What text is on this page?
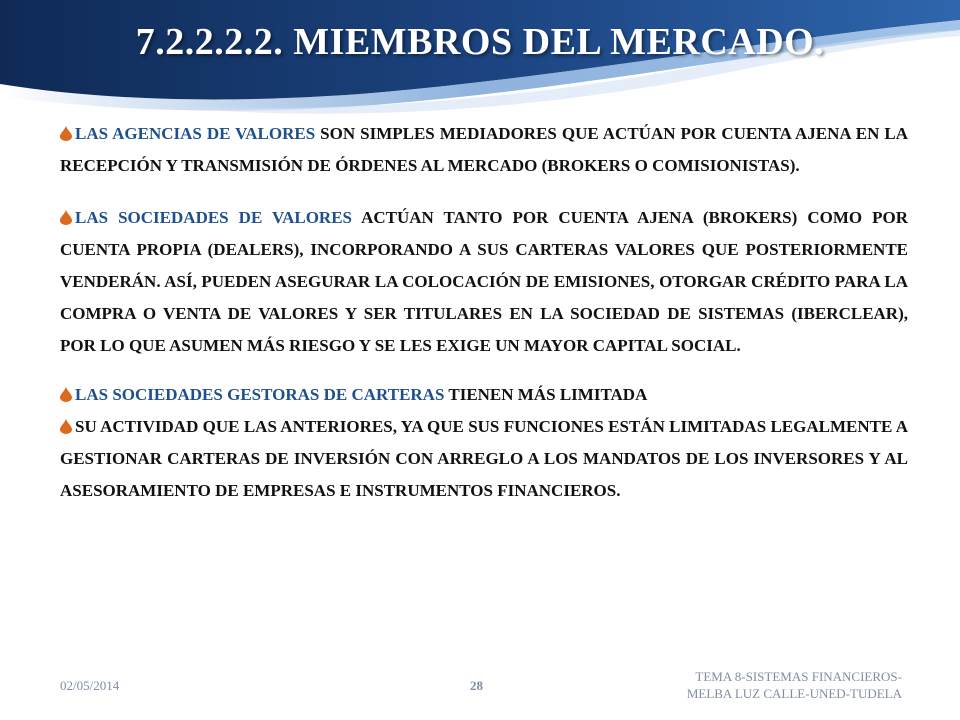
7.2.2.2.2. MIEMBROS DEL MERCADO.

LAS AGENCIAS DE VALORES SON SIMPLES MEDIADORES QUE ACTÚAN POR CUENTA AJENA EN LA RECEPCIÓN Y TRANSMISIÓN DE ÓRDENES AL MERCADO (BROKERS O COMISIONISTAS).

LAS SOCIEDADES DE VALORES ACTÚAN TANTO POR CUENTA AJENA (BROKERS) COMO POR CUENTA PROPIA (DEALERS), INCORPORANDO A SUS CARTERAS VALORES QUE POSTERIORMENTE VENDERÁN. ASÍ, PUEDEN ASEGURAR LA COLOCACIÓN DE EMISIONES, OTORGAR CRÉDITO PARA LA COMPRA O VENTA DE VALORES Y SER TITULARES EN LA SOCIEDAD DE SISTEMAS (IBERCLEAR), POR LO QUE ASUMEN MÁS RIESGO Y SE LES EXIGE UN MAYOR CAPITAL SOCIAL.

LAS SOCIEDADES GESTORAS DE CARTERAS TIENEN MÁS LIMITADA

SU ACTIVIDAD QUE LAS ANTERIORES, YA QUE SUS FUNCIONES ESTÁN LIMITADAS LEGALMENTE A GESTIONAR CARTERAS DE INVERSIÓN CON ARREGLO A LOS MANDATOS DE LOS INVERSORES Y AL ASESORAMIENTO DE EMPRESAS E INSTRUMENTOS FINANCIEROS.

02/05/2014	28
TEMA 8-SISTEMAS FINANCIEROS-
MELBA LUZ CALLE-UNED-TUDELA
